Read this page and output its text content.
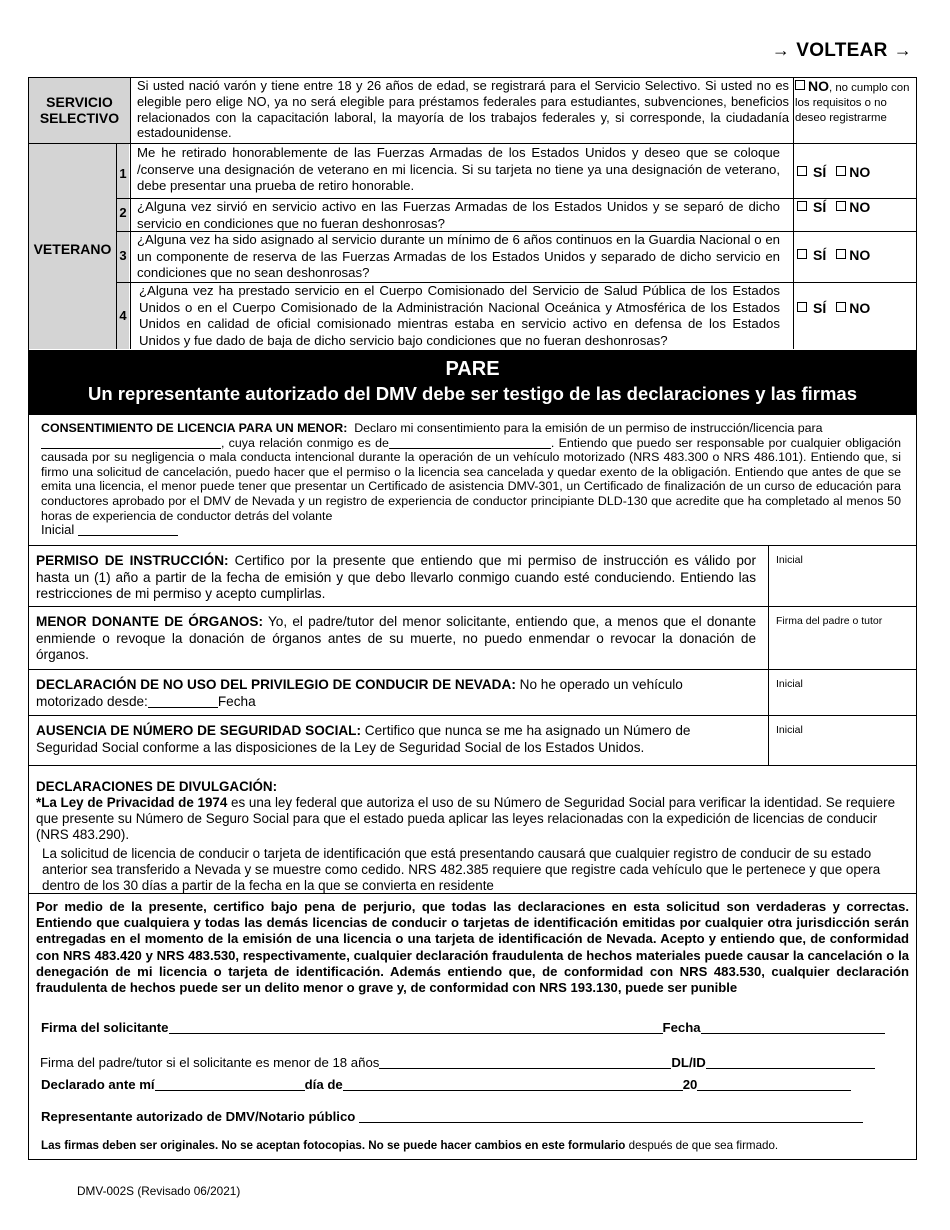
→ VOLTEAR →
SERVICIO
SELECTIVO
Si usted nació varón y tiene entre 18 y 26 años de edad, se registrará para el Servicio Selectivo. Si usted no es elegible pero elige NO, ya no será elegible para préstamos federales para estudiantes, subvenciones, beneficios relacionados con la capacitación laboral, la mayoría de los trabajos federales y, si corresponde, la ciudadanía estadounidense.
NO, no cumplo con los requisitos o no deseo registrarme
VETERANO
1
Me he retirado honorablemente de las Fuerzas Armadas de los Estados Unidos y deseo que se coloque /conserve una designación de veterano en mi licencia. Si su tarjeta no tiene ya una designación de veterano, debe presentar una prueba de retiro honorable.
SÍ NO
2 ¿Alguna vez sirvió en servicio activo en las Fuerzas Armadas de los Estados Unidos y se separó de dicho servicio en condiciones que no fueran deshonrosas?
SÍ NO
3
¿Alguna vez ha sido asignado al servicio durante un mínimo de 6 años continuos en la Guardia Nacional o en un componente de reserva de las Fuerzas Armadas de los Estados Unidos y separado de dicho servicio en condiciones que no sean deshonrosas?
SÍ NO
4
¿Alguna vez ha prestado servicio en el Cuerpo Comisionado del Servicio de Salud Pública de los Estados Unidos o en el Cuerpo Comisionado de la Administración Nacional Oceánica y Atmosférica de los Estados Unidos en calidad de oficial comisionado mientras estaba en servicio activo en defensa de los Estados Unidos y fue dado de baja de dicho servicio bajo condiciones que no fueran deshonrosas?
SÍ NO
PARE
Un representante autorizado del DMV debe ser testigo de las declaraciones y las firmas
CONSENTIMIENTO DE LICENCIA PARA UN MENOR: Declaro mi consentimiento para la emisión de un permiso de instrucción/licencia para
, cuya relación conmigo es de	. Entiendo que puedo ser responsable por cualquier obligación causada por su negligencia o mala conducta intencional durante la operación de un vehículo motorizado (NRS 483.300 o NRS 486.101). Entiendo que, si firmo una solicitud de cancelación, puedo hacer que el permiso o la licencia sea cancelada y quedar exento de la obligación. Entiendo que antes de que se emita una licencia, el menor puede tener que presentar un Certificado de asistencia DMV-301, un Certificado de finalización de un curso de educación para conductores aprobado por el DMV de Nevada y un registro de experiencia de conductor principiante DLD-130 que acredite que ha completado al menos 50 horas de experiencia de conductor detrás del volante
Inicial
PERMISO DE INSTRUCCIÓN: Certifico por la presente que entiendo que mi permiso de instrucción es válido por hasta un (1) año a partir de la fecha de emisión y que debo llevarlo conmigo cuando esté conduciendo. Entiendo las restricciones de mi permiso y acepto cumplirlas.
Inicial
MENOR DONANTE DE ÓRGANOS: Yo, el padre/tutor del menor solicitante, entiendo que, a menos que el donante enmiende o revoque la donación de órganos antes de su muerte, no puedo enmendar o revocar la donación de órganos.
Firma del padre o tutor
DECLARACIÓN DE NO USO DEL PRIVILEGIO DE CONDUCIR DE NEVADA: No he operado un vehículo motorizado desde:	Fecha
Inicial
AUSENCIA DE NÚMERO DE SEGURIDAD SOCIAL: Certifico que nunca se me ha asignado un Número de Seguridad Social conforme a las disposiciones de la Ley de Seguridad Social de los Estados Unidos.
Inicial
DECLARACIONES DE DIVULGACIÓN:
*La Ley de Privacidad de 1974 es una ley federal que autoriza el uso de su Número de Seguridad Social para verificar la identidad. Se requiere que presente su Número de Seguro Social para que el estado pueda aplicar las leyes relacionadas con la expedición de licencias de conducir (NRS 483.290).
La solicitud de licencia de conducir o tarjeta de identificación que está presentando causará que cualquier registro de conducir de su estado anterior sea transferido a Nevada y se muestre como cedido. NRS 482.385 requiere que registre cada vehículo que le pertenece y que opera dentro de los 30 días a partir de la fecha en la que se convierta en residente
Por medio de la presente, certifico bajo pena de perjurio, que todas las declaraciones en esta solicitud son verdaderas y correctas. Entiendo que cualquiera y todas las demás licencias de conducir o tarjetas de identificación emitidas por cualquier otra jurisdicción serán entregadas en el momento de la emisión de una licencia o una tarjeta de identificación de Nevada. Acepto y entiendo que, de conformidad con NRS 483.420 y NRS 483.530, respectivamente, cualquier declaración fraudulenta de hechos materiales puede causar la cancelación o la denegación de mi licencia o tarjeta de identificación. Además entiendo que, de conformidad con NRS 483.530, cualquier declaración fraudulenta de hechos puede ser un delito menor o grave y, de conformidad con NRS 193.130, puede ser punible
Firma del solicitante	Fecha
Firma del padre/tutor si el solicitante es menor de 18 años	DL/ID
Declarado ante mí	día de	20
Representante autorizado de DMV/Notario público
Las firmas deben ser originales. No se aceptan fotocopias. No se puede hacer cambios en este formulario después de que sea firmado.
DMV-002S (Revisado 06/2021)
